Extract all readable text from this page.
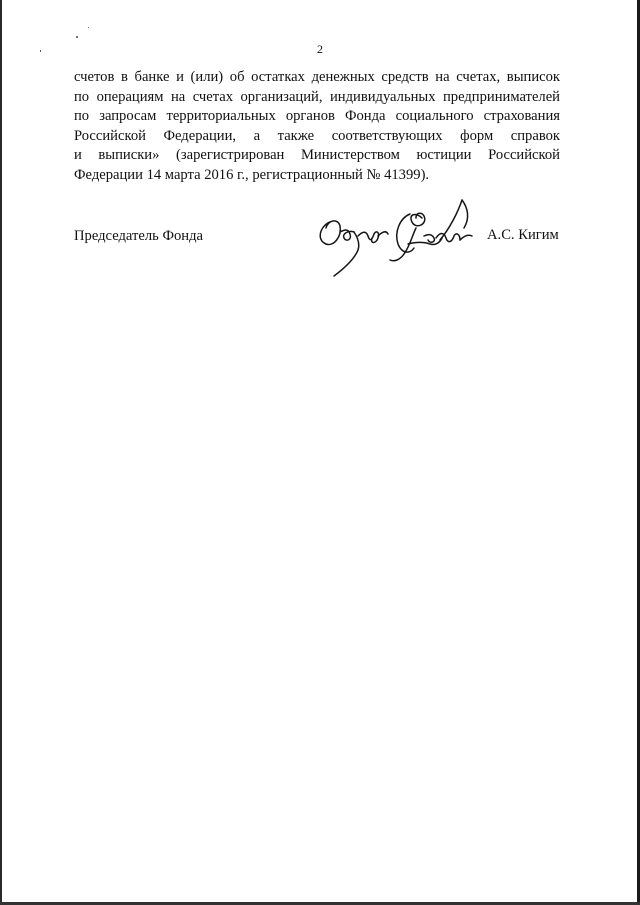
2
счетов в банке и (или) об остатках денежных средств на счетах, выписок
по операциям на счетах организаций, индивидуальных предпринимателей
по запросам территориальных органов Фонда социального страхования
Российской Федерации, а также соответствующих форм справок
и выписки» (зарегистрирован Министерством юстиции Российской
Федерации 14 марта 2016 г., регистрационный № 41399).
Председатель Фонда	А.С. Кигим
